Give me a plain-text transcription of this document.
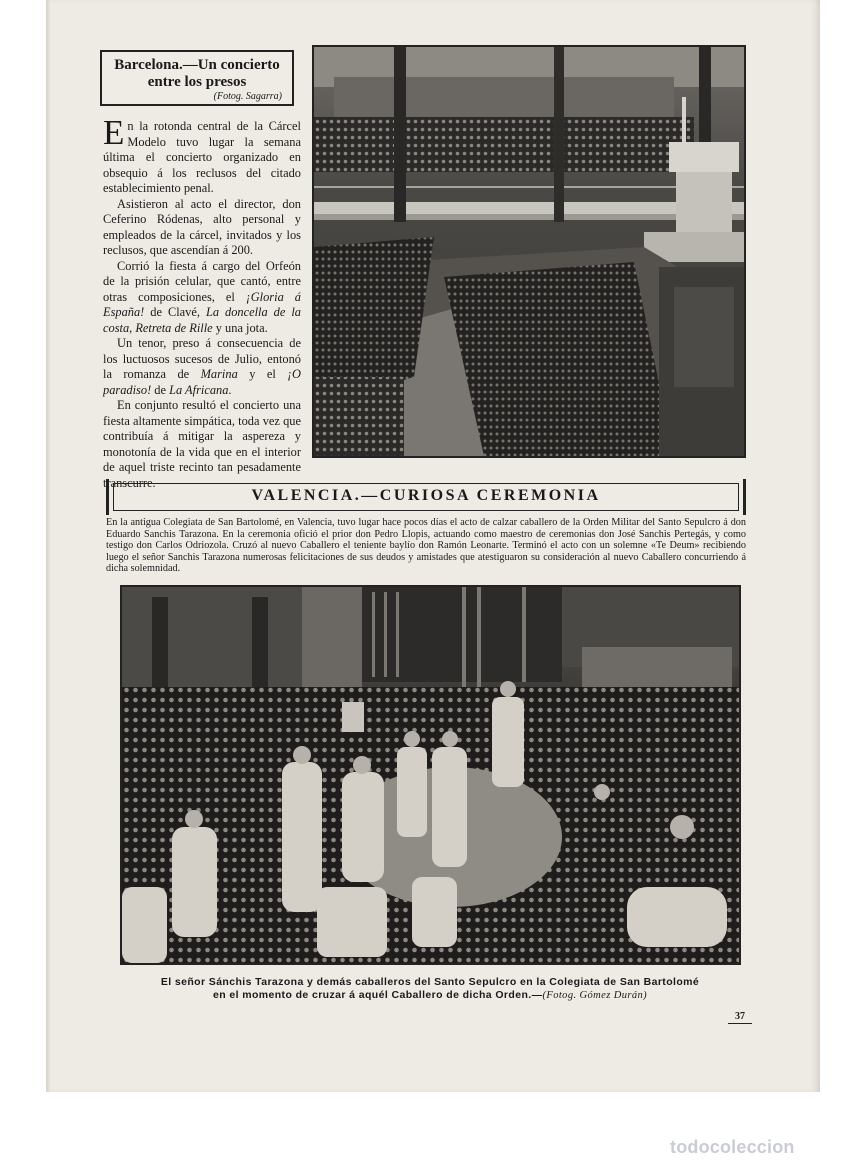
Barcelona.—Un concierto
entre los presos
(Fotog. Sagarra)

En la rotonda central de la Cárcel Modelo tuvo lugar la semana última el concierto organizado en obsequio á los reclusos del citado establecimiento penal.

Asistieron al acto el director, don Ceferino Ródenas, alto personal y empleados de la cárcel, invitados y los reclusos, que ascendían á 200.

Corrió la fiesta á cargo del Orfeón de la prisión celular, que cantó, entre otras composiciones, el ¡Gloria á España! de Clavé, La doncella de la costa, Retreta de Rille y una jota.

Un tenor, preso á consecuencia de los luctuosos sucesos de Julio, entonó la romanza de Marina y el ¡O paradiso! de La Africana.

En conjunto resultó el concierto una fiesta altamente simpática, toda vez que contribuía á mitigar la aspereza y monotonía de la vida que en el interior de aquel triste recinto tan pesadamente transcurre.

VALENCIA.—CURIOSA CEREMONIA
En la antigua Colegiata de San Bartolomé, en Valencia, tuvo lugar hace pocos días el acto de calzar caballero de la Orden Militar del Santo Sepulcro á don Eduardo Sanchis Tarazona. En la ceremonia ofició el prior don Pedro Llopis, actuando como maestro de ceremonias don José Sanchis Pertegás, y como testigo don Carlos Odriozola. Cruzó al nuevo Caballero el teniente baylío don Ramón Leonarte. Terminó el acto con un solemne «Te Deum» recibiendo luego el señor Sanchis Tarazona numerosas felicitaciones de sus deudos y amistades que atestiguaron su consideración al nuevo Caballero concurriendo á dicha solemnidad.
El señor Sánchis Tarazona y demás caballeros del Santo Sepulcro en la Colegiata de San Bartolomé
en el momento de cruzar á aquél Caballero de dicha Orden.—(Fotog. Gómez Durán)
37
todocoleccion
